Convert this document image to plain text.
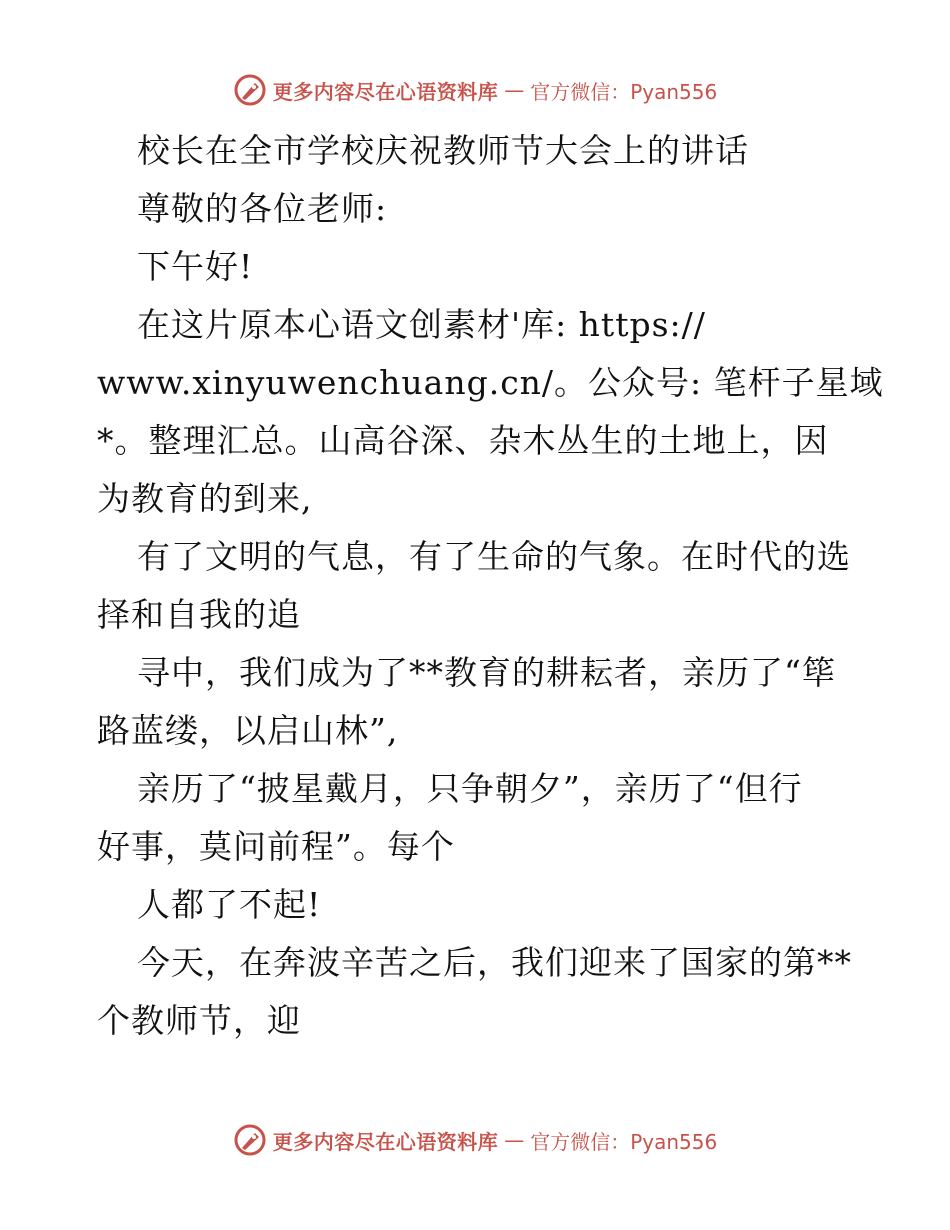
更多内容尽在心语资料库 — 官方微信：Pyan556
校长在全市学校庆祝教师节大会上的讲话
尊敬的各位老师:
下午好!
在这片原本心语文创素材'库: https://
www.xinyuwenchuang.cn/。公众号: 笔杆子星域
*。整理汇总。山高谷深、杂木丛生的土地上，因
为教育的到来,
有了文明的气息，有了生命的气象。在时代的选
择和自我的追
寻中，我们成为了**教育的耕耘者，亲历了“筚
路蓝缕，以启山林”,
亲历了“披星戴月，只争朝夕”，亲历了“但行
好事，莫问前程”。每个
人都了不起!
今天，在奔波辛苦之后，我们迎来了国家的第**
个教师节，迎
更多内容尽在心语资料库 — 官方微信：Pyan556
